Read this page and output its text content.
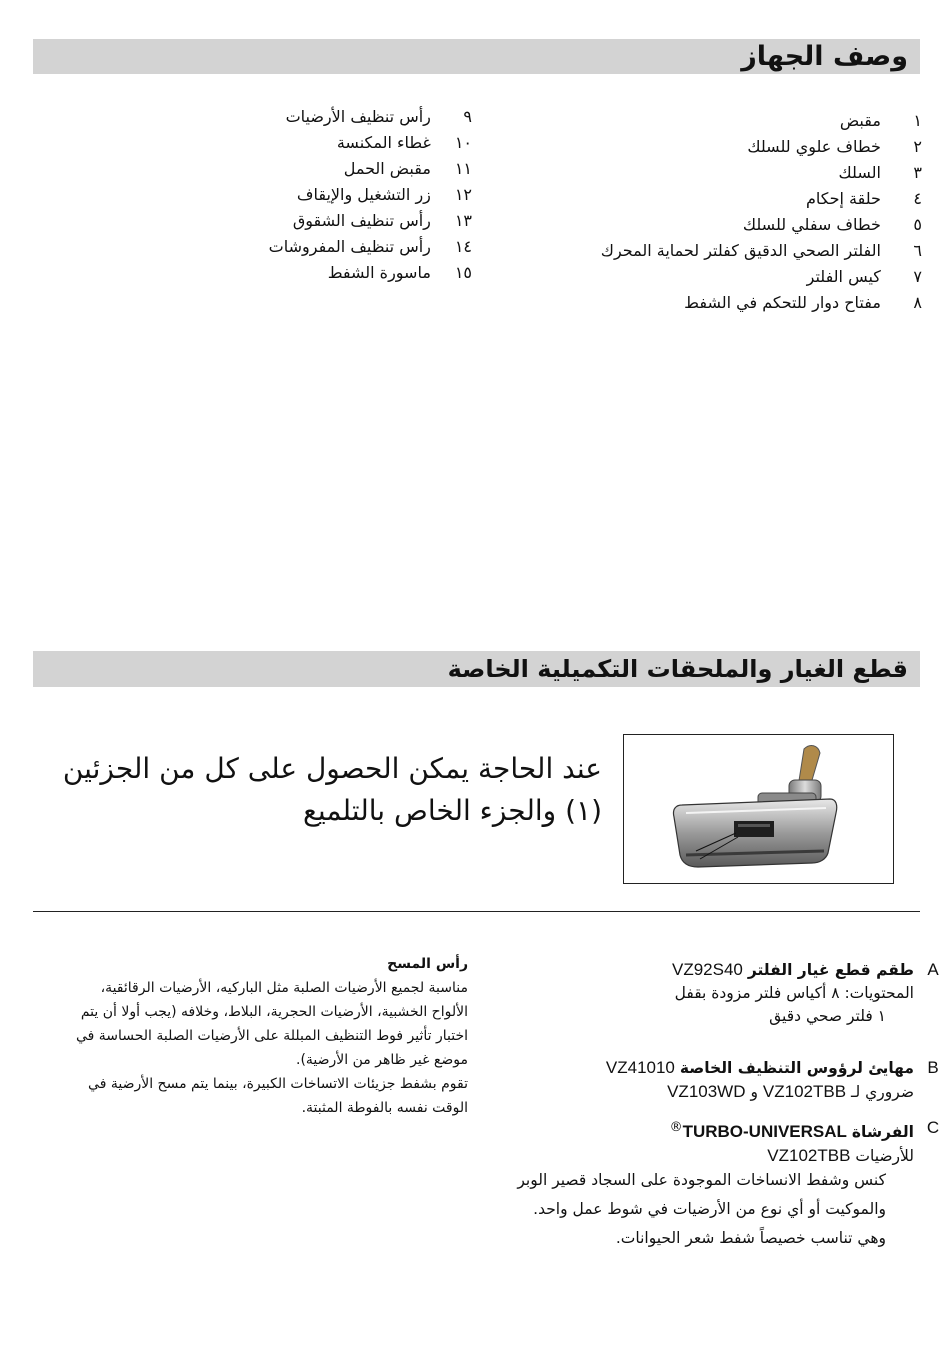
وصف الجهاز
١ مقبض
٢ خطاف علوي للسلك
٣ السلك
٤ حلقة إحكام
٥ خطاف سفلي للسلك
٦ الفلتر الصحي الدقيق كفلتر لحماية المحرك
٧ كيس الفلتر
٨ مفتاح دوار للتحكم في الشفط
٩ رأس تنظيف الأرضيات
١٠ غطاء المكنسة
١١ مقبض الحمل
١٢ زر التشغيل والإيقاف
١٣ رأس تنظيف الشقوق
١٤ رأس تنظيف المفروشات
١٥ ماسورة الشفط
قطع الغيار والملحقات التكميلية الخاصة
عند الحاجة يمكن الحصول على كل من الجزئين
(١) والجزء الخاص بالتلميع
A
طقم قطع غيار الفلتر VZ92S40
المحتويات: ٨ أكياس فلتر مزودة بقفل
١ فلتر صحي دقيق
B
مهايئ لرؤوس التنظيف الخاصة VZ41010
ضروري لـ VZ102TBB و VZ103WD
C
الفرشاة TURBO-UNIVERSAL®
للأرضيات VZ102TBB
كنس وشفط الانساخات الموجودة على السجاد قصير الوبر والموكيت أو أي نوع من الأرضيات في شوط عمل واحد. وهي تناسب خصيصاً شفط شعر الحيوانات.
رأس المسح
مناسبة لجميع الأرضيات الصلبة مثل الباركيه، الأرضيات الرقائقية، الألواح الخشبية، الأرضيات الحجرية، البلاط، وخلافه (يجب أولا أن يتم اختبار تأثير فوط التنظيف المبللة على الأرضيات الصلبة الحساسة في موضع غير ظاهر من الأرضية).
تقوم بشفط جزيئات الاتساخات الكبيرة، بينما يتم مسح الأرضية في الوقت نفسه بالفوطة المثبتة.
